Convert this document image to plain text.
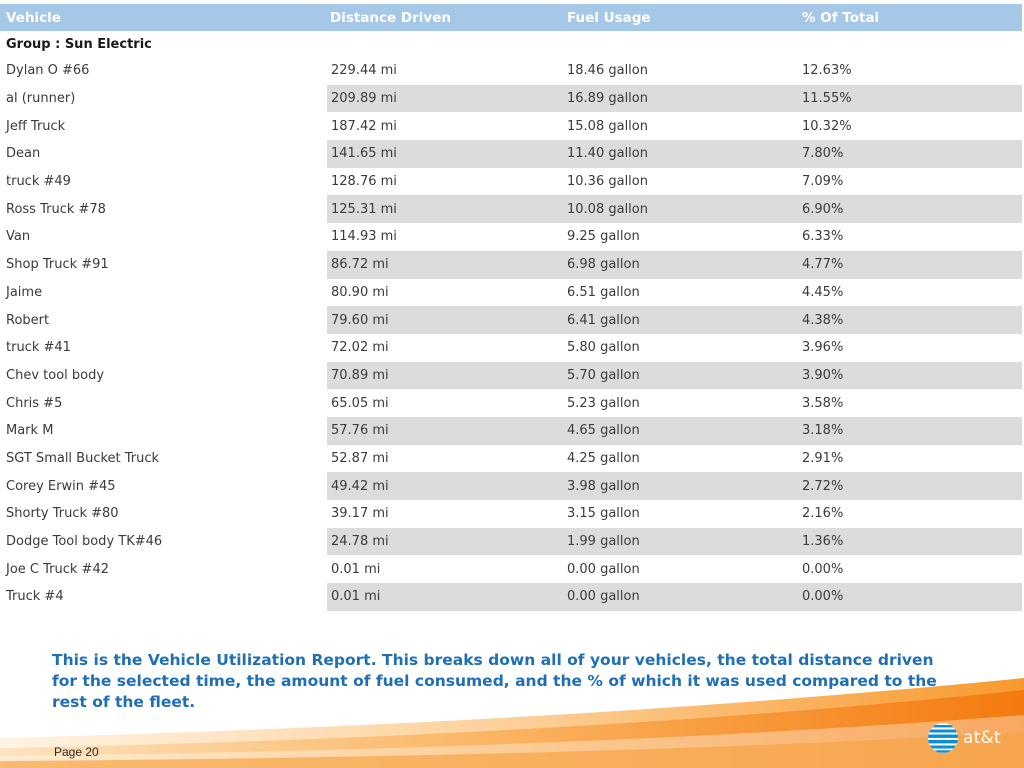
Vehicle	Distance Driven	Fuel Usage	% Of Total
Group : Sun Electric			
Dylan O #66	229.44 mi	18.46 gallon	12.63%
al (runner)	209.89 mi	16.89 gallon	11.55%
Jeff Truck	187.42 mi	15.08 gallon	10.32%
Dean	141.65 mi	11.40 gallon	7.80%
truck #49	128.76 mi	10.36 gallon	7.09%
Ross Truck #78	125.31 mi	10.08 gallon	6.90%
Van	114.93 mi	9.25 gallon	6.33%
Shop Truck #91	86.72 mi	6.98 gallon	4.77%
Jaime	80.90 mi	6.51 gallon	4.45%
Robert	79.60 mi	6.41 gallon	4.38%
truck #41	72.02 mi	5.80 gallon	3.96%
Chev tool body	70.89 mi	5.70 gallon	3.90%
Chris #5	65.05 mi	5.23 gallon	3.58%
Mark M	57.76 mi	4.65 gallon	3.18%
SGT Small Bucket Truck	52.87 mi	4.25 gallon	2.91%
Corey Erwin #45	49.42 mi	3.98 gallon	2.72%
Shorty Truck #80	39.17 mi	3.15 gallon	2.16%
Dodge Tool body TK#46	24.78 mi	1.99 gallon	1.36%
Joe C Truck #42	0.01 mi	0.00 gallon	0.00%
Truck #4	0.01 mi	0.00 gallon	0.00%

This is the Vehicle Utilization Report. This breaks down all of your vehicles, the total distance driven for the selected time, the amount of fuel consumed, and the % of which it was used compared to the rest of the fleet.

Page 20
at&t
